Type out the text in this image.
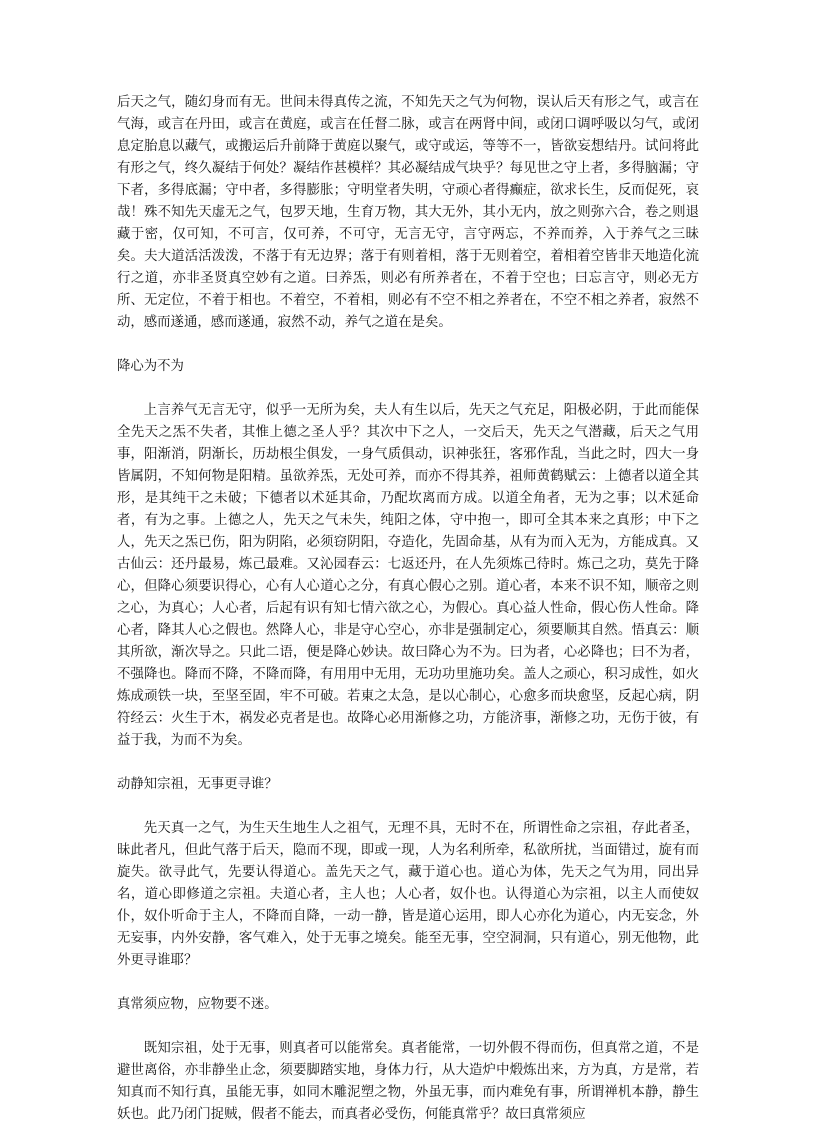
后天之气，随幻身而有无。世间未得真传之流，不知先天之气为何物，误认后天有形之气，或言在气海，或言在丹田，或言在黄庭，或言在任督二脉，或言在两肾中间，或闭口调呼吸以匀气，或闭息定胎息以藏气，或搬运后升前降于黄庭以聚气，或守或运，等等不一，皆欲妄想结丹。试问将此有形之气，终久凝结于何处？凝结作甚模样？其必凝结成气块乎？每见世之守上者，多得脑漏；守下者，多得底漏；守中者，多得膨胀；守明堂者失明，守顽心者得癫症，欲求长生，反而促死，哀哉！殊不知先天虚无之气，包罗天地，生育万物，其大无外，其小无内，放之则弥六合，卷之则退藏于密，仅可知，不可言，仅可养，不可守，无言无守，言守两忘，不养而养，入于养气之三昧矣。夫大道活活泼泼，不落于有无边界；落于有则着相，落于无则着空，着相着空皆非天地造化流行之道，亦非圣贤真空妙有之道。曰养炁，则必有所养者在，不着于空也；曰忘言守，则必无方所、无定位，不着于相也。不着空，不着相，则必有不空不相之养者在，不空不相之养者，寂然不动，感而遂通，感而遂通，寂然不动，养气之道在是矣。

降心为不为

上言养气无言无守，似乎一无所为矣，夫人有生以后，先天之气充足，阳极必阴，于此而能保全先天之炁不失者，其惟上德之圣人乎？其次中下之人，一交后天，先天之气潜藏，后天之气用事，阳渐消，阴渐长，历劫根尘俱发，一身气质俱动，识神张狂，客邪作乱，当此之时，四大一身皆属阴，不知何物是阳精。虽欲养炁，无处可养，而亦不得其养，祖师黄鹤赋云：上德者以道全其形，是其纯干之未破；下德者以术延其命，乃配坎离而方成。以道全角者，无为之事；以术延命者，有为之事。上德之人，先天之气未失，纯阳之体，守中抱一，即可全其本来之真形；中下之人，先天之炁已伤，阳为阴陷，必须窃阴阳，夺造化，先固命基，从有为而入无为，方能成真。又古仙云：还丹最易，炼己最难。又沁园春云：七返还丹，在人先须炼己待时。炼己之功，莫先于降心，但降心须要识得心，心有人心道心之分，有真心假心之别。道心者，本来不识不知，顺帝之则之心，为真心；人心者，后起有识有知七情六欲之心，为假心。真心益人性命，假心伤人性命。降心者，降其人心之假也。然降人心，非是守心空心，亦非是强制定心，须要顺其自然。悟真云：顺其所欲，渐次导之。只此二语，便是降心妙诀。故曰降心为不为。曰为者，心必降也；曰不为者，不强降也。降而不降，不降而降，有用用中无用，无功功里施功矣。盖人之顽心，积习成性，如火炼成顽铁一块，至坚至固，牢不可破。若東之太急，是以心制心，心愈多而块愈坚，反起心病，阴符经云：火生于木，祸发必克者是也。故降心必用渐修之功，方能济事，渐修之功，无伤于彼，有益于我，为而不为矣。

动静知宗祖，无事更寻谁？

先天真一之气，为生天生地生人之祖气，无理不具，无时不在，所谓性命之宗祖，存此者圣，昧此者凡，但此气落于后天，隐而不现，即或一现，人为名利所牵，私欲所扰，当面错过，旋有而旋失。欲寻此气，先要认得道心。盖先天之气，藏于道心也。道心为体，先天之气为用，同出异名，道心即修道之宗祖。夫道心者，主人也；人心者，奴仆也。认得道心为宗祖，以主人而使奴仆，奴仆听命于主人，不降而自降，一动一静，皆是道心运用，即人心亦化为道心，内无妄念，外无妄事，内外安静，客气难入，处于无事之境矣。能至无事，空空洞洞，只有道心，别无他物，此外更寻谁耶？

真常须应物，应物要不迷。

既知宗祖，处于无事，则真者可以能常矣。真者能常，一切外假不得而伤，但真常之道，不是避世离俗，亦非静坐止念，须要脚踏实地，身体力行，从大造炉中煅炼出来，方为真，方是常，若知真而不知行真，虽能无事，如同木雕泥塑之物，外虽无事，而内难免有事，所谓禅机本静，静生妖也。此乃闭门捉贼，假者不能去，而真者必受伤，何能真常乎？故曰真常须应
